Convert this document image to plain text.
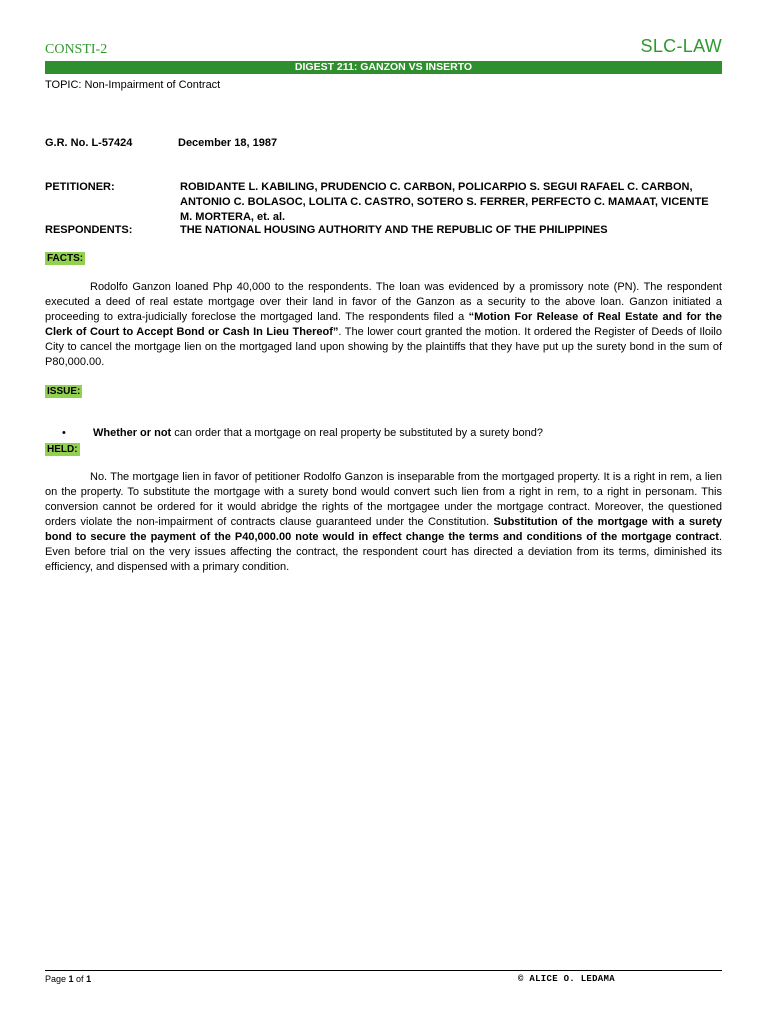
CONSTI-2	SLC-LAW
DIGEST 211: GANZON VS INSERTO
TOPIC: Non-Impairment of Contract
G.R. No. L-57424	December 18, 1987
PETITIONER:	ROBIDANTE L. KABILING, PRUDENCIO C. CARBON, POLICARPIO S. SEGUI RAFAEL C. CARBON, ANTONIO C. BOLASOC, LOLITA C. CASTRO, SOTERO S. FERRER, PERFECTO C. MAMAAT, VICENTE M. MORTERA, et. al.
RESPONDENTS:	THE NATIONAL HOUSING AUTHORITY AND THE REPUBLIC OF THE PHILIPPINES
FACTS:
Rodolfo Ganzon loaned Php 40,000 to the respondents. The loan was evidenced by a promissory note (PN). The respondent executed a deed of real estate mortgage over their land in favor of the Ganzon as a security to the above loan. Ganzon initiated a proceeding to extra-judicially foreclose the mortgaged land. The respondents filed a “Motion For Release of Real Estate and for the Clerk of Court to Accept Bond or Cash In Lieu Thereof”. The lower court granted the motion. It ordered the Register of Deeds of Iloilo City to cancel the mortgage lien on the mortgaged land upon showing by the plaintiffs that they have put up the surety bond in the sum of P80,000.00.
ISSUE:
• Whether or not can order that a mortgage on real property be substituted by a surety bond?
HELD:
No. The mortgage lien in favor of petitioner Rodolfo Ganzon is inseparable from the mortgaged property. It is a right in rem, a lien on the property. To substitute the mortgage with a surety bond would convert such lien from a right in rem, to a right in personam. This conversion cannot be ordered for it would abridge the rights of the mortgagee under the mortgage contract. Moreover, the questioned orders violate the non-impairment of contracts clause guaranteed under the Constitution. Substitution of the mortgage with a surety bond to secure the payment of the P40,000.00 note would in effect change the terms and conditions of the mortgage contract. Even before trial on the very issues affecting the contract, the respondent court has directed a deviation from its terms, diminished its efficiency, and dispensed with a primary condition.
Page 1 of 1	© ALICE O. LEDAMA
